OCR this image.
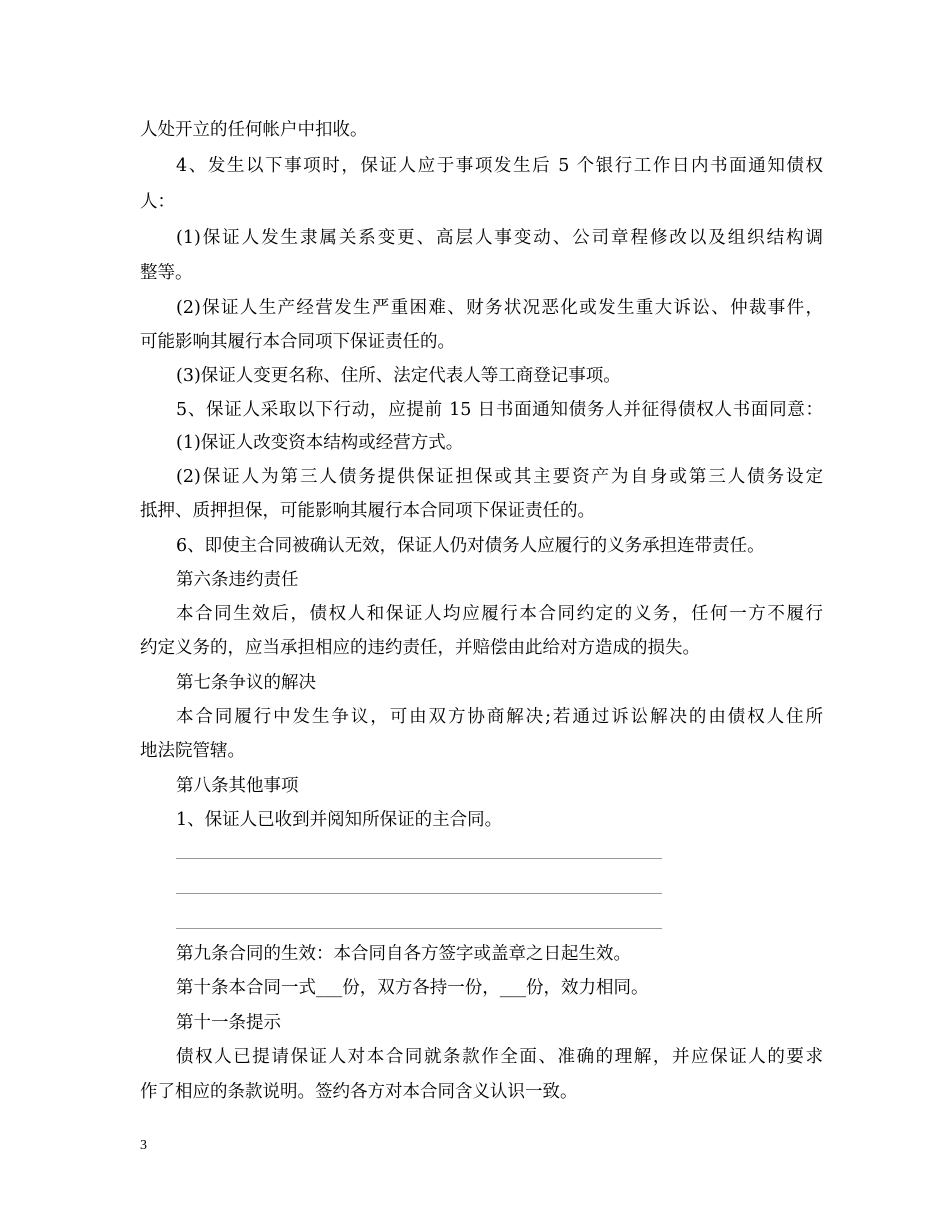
人处开立的任何帐户中扣收。
4、发生以下事项时，保证人应于事项发生后 5 个银行工作日内书面通知债权
人：
(1)保证人发生隶属关系变更、高层人事变动、公司章程修改以及组织结构调
整等。
(2)保证人生产经营发生严重困难、财务状况恶化或发生重大诉讼、仲裁事件，
可能影响其履行本合同项下保证责任的。
(3)保证人变更名称、住所、法定代表人等工商登记事项。
5、保证人采取以下行动，应提前 15 日书面通知债务人并征得债权人书面同意：
(1)保证人改变资本结构或经营方式。
(2)保证人为第三人债务提供保证担保或其主要资产为自身或第三人债务设定
抵押、质押担保，可能影响其履行本合同项下保证责任的。
6、即使主合同被确认无效，保证人仍对债务人应履行的义务承担连带责任。
第六条违约责任
本合同生效后，债权人和保证人均应履行本合同约定的义务，任何一方不履行
约定义务的，应当承担相应的违约责任，并赔偿由此给对方造成的损失。
第七条争议的解决
本合同履行中发生争议，可由双方协商解决;若通过诉讼解决的由债权人住所
地法院管辖。
第八条其他事项
1、保证人已收到并阅知所保证的主合同。
第九条合同的生效：本合同自各方签字或盖章之日起生效。
第十条本合同一式___份，双方各持一份，___份，效力相同。
第十一条提示
债权人已提请保证人对本合同就条款作全面、准确的理解，并应保证人的要求
作了相应的条款说明。签约各方对本合同含义认识一致。
3
